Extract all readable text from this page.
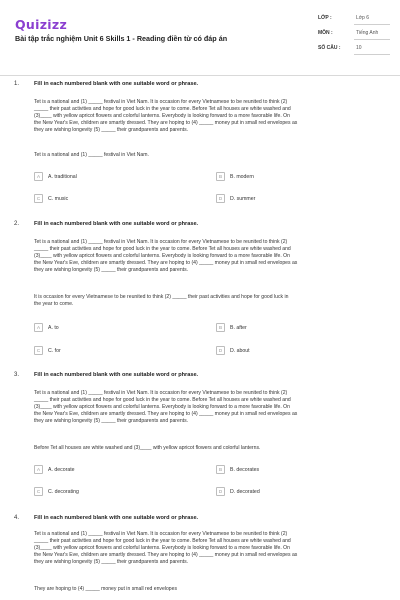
Quizizz
Bài tập trắc nghiệm Unit 6 Skills 1 - Reading điền từ có đáp án
LỚP :	Lớp 6
MÔN :	Tiếng Anh
SỐ CÂU :	10
1.	Fill in each numbered blank with one suitable word or phrase.
Tet is a national and (1) _____ festival in Viet Nam. It is occasion for every Vietnamese to be reunited to think (2)
_____ their past activities and hope for good luck in the year to come. Before Tet all houses are white washed and
(3)____ with yellow apricot flowers and colorful lanterns. Everybody is looking forward to a more favorable life. On
the New Year's Eve, children are smartly dressed. They are hoping to (4) _____ money put in small red envelopes as
they are wishing longevity (5) _____ their grandparents and parents.
Tet is a national and (1) _____ festival in Viet Nam.
A	A. traditional	B	B. modern
C	C. music	D	D. summer
2.	Fill in each numbered blank with one suitable word or phrase.
Tet is a national and (1) _____ festival in Viet Nam. It is occasion for every Vietnamese to be reunited to think (2)
_____ their past activities and hope for good luck in the year to come. Before Tet all houses are white washed and
(3)____ with yellow apricot flowers and colorful lanterns. Everybody is looking forward to a more favorable life. On
the New Year's Eve, children are smartly dressed. They are hoping to (4) _____ money put in small red envelopes as
they are wishing longevity (5) _____ their grandparents and parents.
It is occasion for every Vietnamese to be reunited to think (2) _____ their past activities and hope for good luck in
the year to come.
A	A. to	B	B. after
C	C. for	D	D. about
3.	Fill in each numbered blank with one suitable word or phrase.
Tet is a national and (1) _____ festival in Viet Nam. It is occasion for every Vietnamese to be reunited to think (2)
_____ their past activities and hope for good luck in the year to come. Before Tet all houses are white washed and
(3)____ with yellow apricot flowers and colorful lanterns. Everybody is looking forward to a more favorable life. On
the New Year's Eve, children are smartly dressed. They are hoping to (4) _____ money put in small red envelopes as
they are wishing longevity (5) _____ their grandparents and parents.
Before Tet all houses are white washed and (3)____ with yellow apricot flowers and colorful lanterns.
A	A. decorate	B	B. decorates
C	C. decorating	D	D. decorated
4.	Fill in each numbered blank with one suitable word or phrase.
Tet is a national and (1) _____ festival in Viet Nam. It is occasion for every Vietnamese to be reunited to think (2)
_____ their past activities and hope for good luck in the year to come. Before Tet all houses are white washed and
(3)____ with yellow apricot flowers and colorful lanterns. Everybody is looking forward to a more favorable life. On
the New Year's Eve, children are smartly dressed. They are hoping to (4) _____ money put in small red envelopes as
they are wishing longevity (5) _____ their grandparents and parents.
They are hoping to (4) _____ money put in small red envelopes
